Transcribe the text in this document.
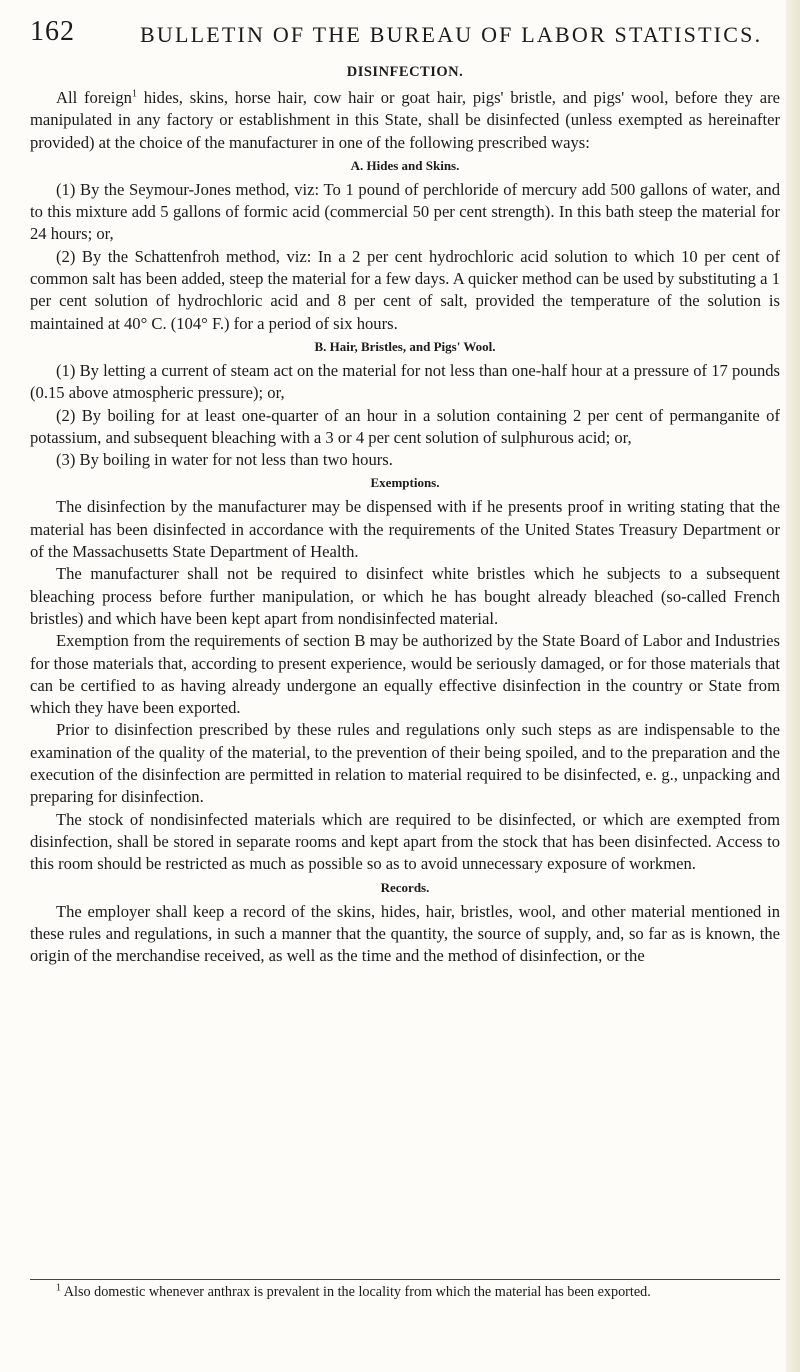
162	BULLETIN OF THE BUREAU OF LABOR STATISTICS.
DISINFECTION.

All foreign$^1$ hides, skins, horse hair, cow hair or goat hair, pigs' bristle, and pigs' wool, before they are manipulated in any factory or establishment in this State, shall be disinfected (unless exempted as hereinafter provided) at the choice of the manufacturer in one of the following prescribed ways:

A. Hides and Skins.

(1) By the Seymour-Jones method, viz: To 1 pound of perchloride of mercury add 500 gallons of water, and to this mixture add 5 gallons of formic acid (commercial 50 per cent strength). In this bath steep the material for 24 hours; or,

(2) By the Schattenfroh method, viz: In a 2 per cent hydrochloric acid solution to which 10 per cent of common salt has been added, steep the material for a few days. A quicker method can be used by substituting a 1 per cent solution of hydrochloric acid and 8 per cent of salt, provided the temperature of the solution is maintained at 40° C. (104° F.) for a period of six hours.

B. Hair, Bristles, and Pigs' Wool.

(1) By letting a current of steam act on the material for not less than one-half hour at a pressure of 17 pounds (0.15 above atmospheric pressure); or,

(2) By boiling for at least one-quarter of an hour in a solution containing 2 per cent of permanganite of potassium, and subsequent bleaching with a 3 or 4 per cent solution of sulphurous acid; or,

(3) By boiling in water for not less than two hours.

Exemptions.

The disinfection by the manufacturer may be dispensed with if he presents proof in writing stating that the material has been disinfected in accordance with the requirements of the United States Treasury Department or of the Massachusetts State Department of Health.

The manufacturer shall not be required to disinfect white bristles which he subjects to a subsequent bleaching process before further manipulation, or which he has bought already bleached (so-called French bristles) and which have been kept apart from nondisinfected material.

Exemption from the requirements of section B may be authorized by the State Board of Labor and Industries for those materials that, according to present experience, would be seriously damaged, or for those materials that can be certified to as having already undergone an equally effective disinfection in the country or State from which they have been exported.

Prior to disinfection prescribed by these rules and regulations only such steps as are indispensable to the examination of the quality of the material, to the prevention of their being spoiled, and to the preparation and the execution of the disinfection are permitted in relation to material required to be disinfected, e. g., unpacking and preparing for disinfection.

The stock of nondisinfected materials which are required to be disinfected, or which are exempted from disinfection, shall be stored in separate rooms and kept apart from the stock that has been disinfected. Access to this room should be restricted as much as possible so as to avoid unnecessary exposure of workmen.

Records.

The employer shall keep a record of the skins, hides, hair, bristles, wool, and other material mentioned in these rules and regulations, in such a manner that the quantity, the source of supply, and, so far as is known, the origin of the merchandise received, as well as the time and the method of disinfection, or the

$^1$ Also domestic whenever anthrax is prevalent in the locality from which the material has been exported.
